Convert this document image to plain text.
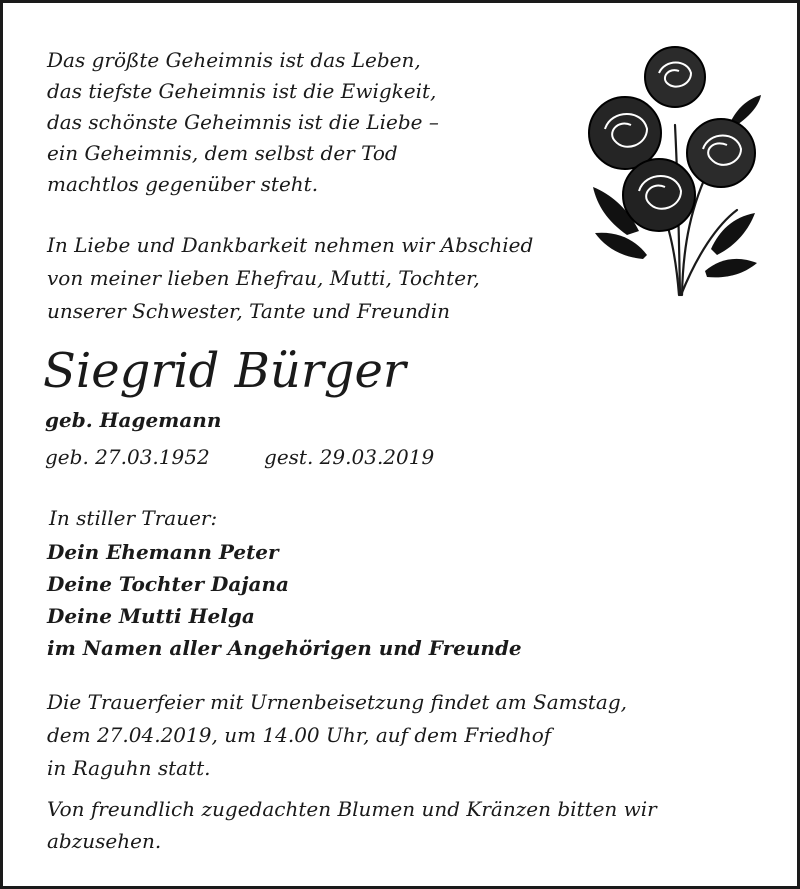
Das größte Geheimnis ist das Leben,
das tiefste Geheimnis ist die Ewigkeit,
das schönste Geheimnis ist die Liebe –
ein Geheimnis, dem selbst der Tod
machtlos gegenüber steht.
In Liebe und Dankbarkeit nehmen wir Abschied
von meiner lieben Ehefrau, Mutti, Tochter,
unserer Schwester, Tante und Freundin
Siegrid Bürger
geb. Hagemann
geb. 27.03.1952	gest. 29.03.2019
In stiller Trauer:
Dein Ehemann Peter
Deine Tochter Dajana
Deine Mutti Helga
im Namen aller Angehörigen und Freunde
Die Trauerfeier mit Urnenbeisetzung findet am Samstag,
dem 27.04.2019, um 14.00 Uhr, auf dem Friedhof
in Raguhn statt.
Von freundlich zugedachten Blumen und Kränzen bitten wir
abzusehen.
